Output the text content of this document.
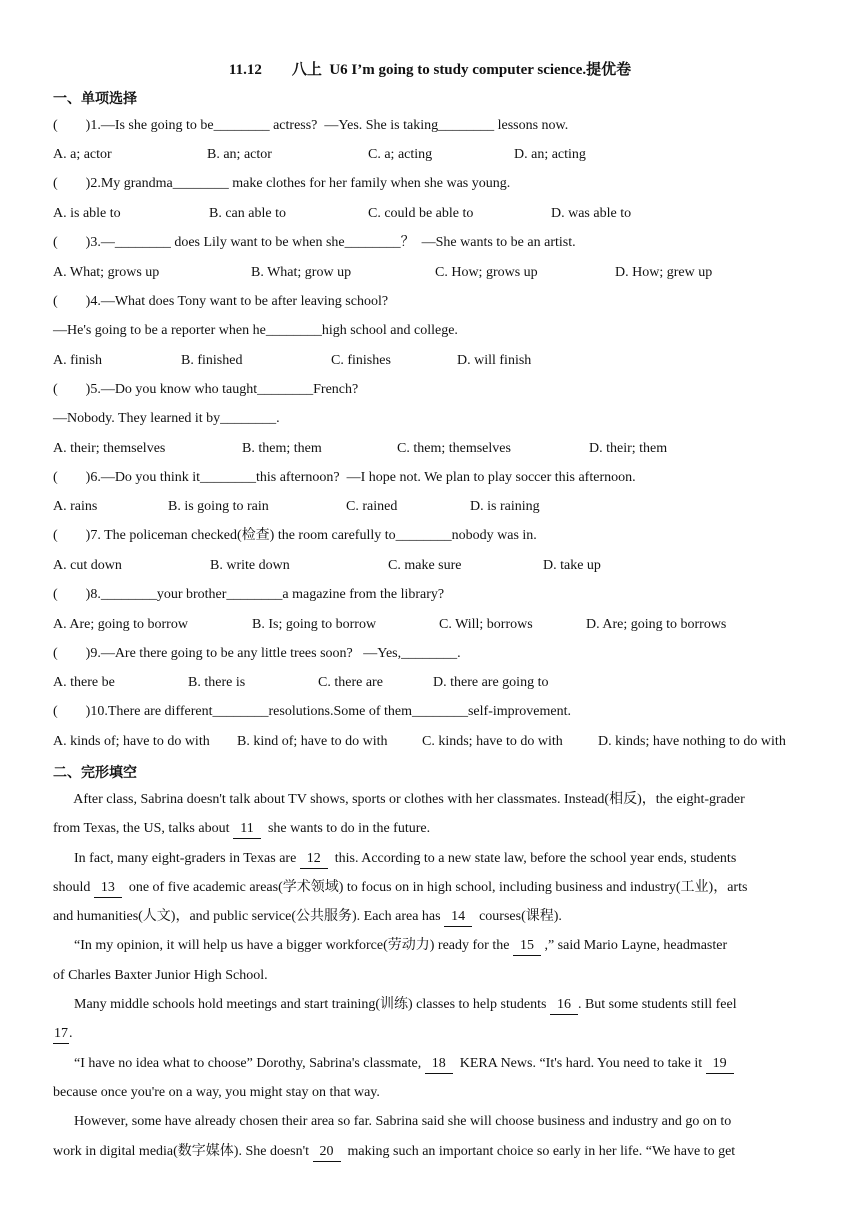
11.12        八上  U6 I’m going to study computer science.提优卷
一、单项选择
(        )1.—Is she going to be________ actress?  —Yes. She is taking________ lessons now.
A. a; actor	B. an; actor	C. a; acting	D. an; acting
(        )2.My grandma________ make clothes for her family when she was young.
A. is able to	B. can able to	C. could be able to	D. was able to
(        )3.—________ does Lily want to be when she________？  —She wants to be an artist.
A. What; grows up	B. What; grow up	C. How; grows up	D. How; grew up
(        )4.—What does Tony want to be after leaving school?
—He's going to be a reporter when he________high school and college.
A. finish	B. finished	C. finishes	D. will finish
(        )5.—Do you know who taught________French?
—Nobody. They learned it by________.
A. their; themselves	B. them; them	C. them; themselves	D. their; them
(        )6.—Do you think it________this afternoon?  —I hope not. We plan to play soccer this afternoon.
A. rains	B. is going to rain	C. rained	D. is raining
(        )7. The policeman checked(检查) the room carefully to________nobody was in.
A. cut down	B. write down	C. make sure	D. take up
(        )8.________your brother________a magazine from the library?
A. Are; going to borrow	B. Is; going to borrow	C. Will; borrows	D. Are; going to borrows
(        )9.—Are there going to be any little trees soon?   —Yes,________.
A. there be	B. there is	C. there are	D. there are going to
(        )10.There are different________resolutions.Some of them________self-improvement.
A. kinds of; have to do with B. kind of; have to do with C. kinds; have to do with	D. kinds; have nothing to do with
二、完形填空
After class, Sabrina doesn't talk about TV shows, sports or clothes with her classmates. Instead(相反)，the eight-grader
from Texas, the US, talks about 11  she wants to do in the future.
In fact, many eight-graders in Texas are 12  this. According to a new state law, before the school year ends, students
should 13  one of five academic areas(学术领域) to focus on in high school, including business and industry(工业)，arts
and humanities(人文)，and public service(公共服务). Each area has 14  courses(课程).
“In my opinion, it will help us have a bigger workforce(劳动力) ready for the 15 ,” said Mario Layne, headmaster
of Charles Baxter Junior High School.
Many middle schools hold meetings and start training(训练) classes to help students 16 . But some students still feel
17.
“I have no idea what to choose” Dorothy, Sabrina's classmate, 18  KERA News. “It's hard. You need to take it 19
because once you're on a way, you might stay on that way.
However, some have already chosen their area so far. Sabrina said she will choose business and industry and go on to
work in digital media(数字媒体). She doesn't 20  making such an important choice so early in her life. “We have to get
